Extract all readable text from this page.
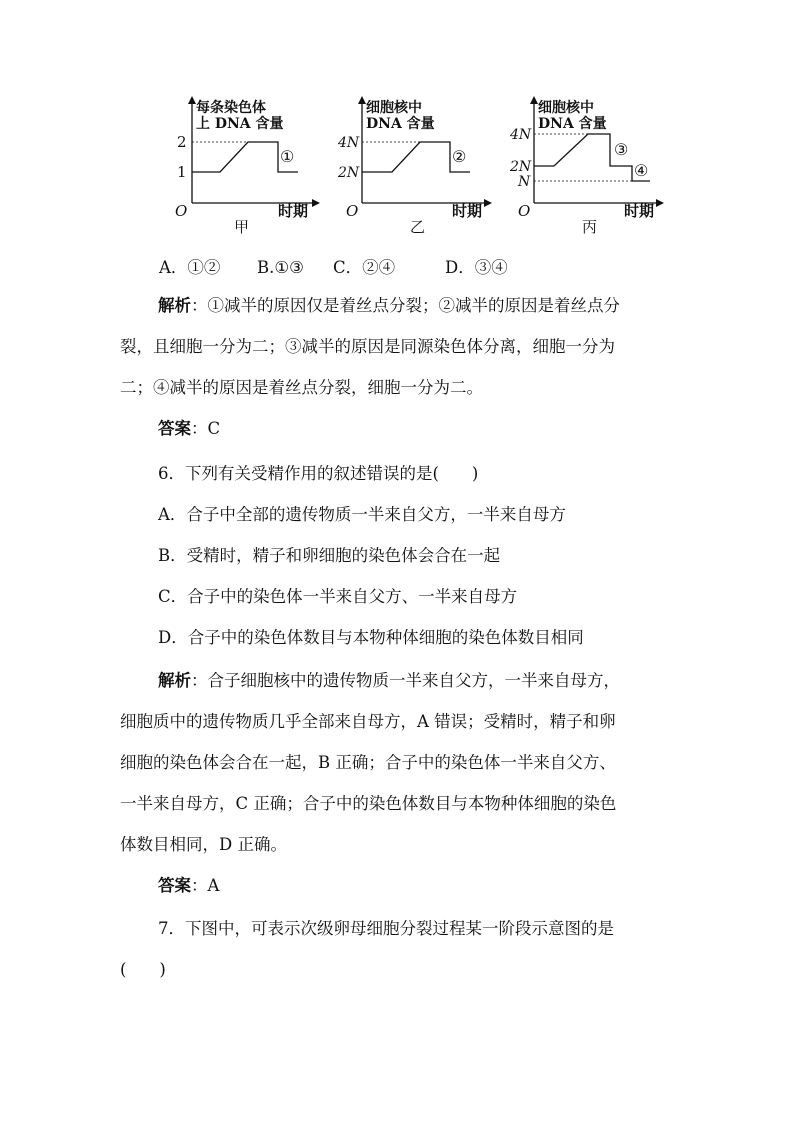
每条染色体
上 DNA 含量
2
1
O	时期
甲
①
细胞核中
DNA 含量
4N
2N
O	时期
乙
②
细胞核中
DNA 含量
4N
2N
N
O	时期
丙
③
④
A．①② B.①③ C．②④	D．③④
解析：①减半的原因仅是着丝点分裂；②减半的原因是着丝点分
裂，且细胞一分为二；③减半的原因是同源染色体分离，细胞一分为
二；④减半的原因是着丝点分裂，细胞一分为二。
答案：C
6．下列有关受精作用的叙述错误的是(　　)
A．合子中全部的遗传物质一半来自父方，一半来自母方
B．受精时，精子和卵细胞的染色体会合在一起
C．合子中的染色体一半来自父方、一半来自母方
D．合子中的染色体数目与本物种体细胞的染色体数目相同
解析：合子细胞核中的遗传物质一半来自父方，一半来自母方，
细胞质中的遗传物质几乎全部来自母方，A 错误；受精时，精子和卵
细胞的染色体会合在一起，B 正确；合子中的染色体一半来自父方、
一半来自母方，C 正确；合子中的染色体数目与本物种体细胞的染色
体数目相同，D 正确。
答案：A
7．下图中，可表示次级卵母细胞分裂过程某一阶段示意图的是
(　　)
